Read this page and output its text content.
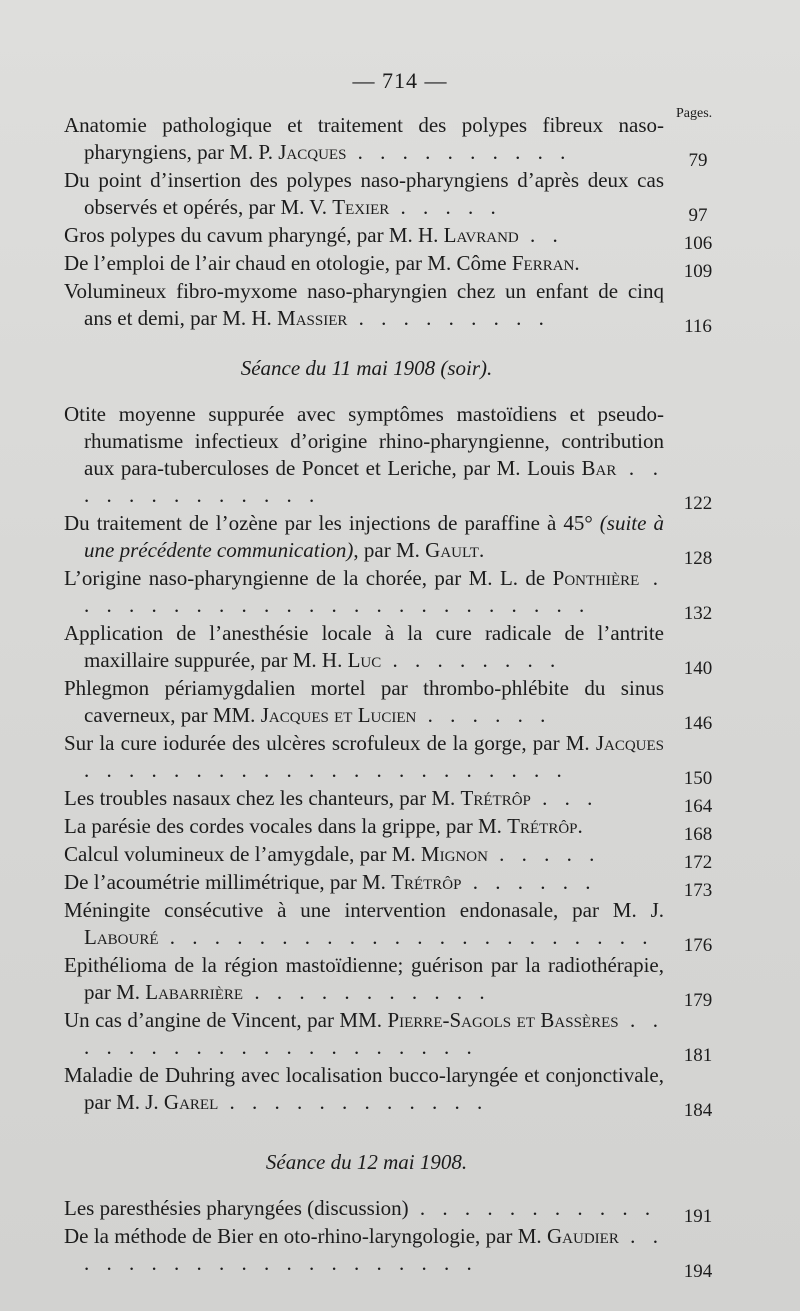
— 714 —
Pages.
Anatomie pathologique et traitement des polypes fibreux naso-pharyngiens, par M. P. Jacques . . . . . . . . . .	79
Du point d’insertion des polypes naso-pharyngiens d’après deux cas observés et opérés, par M. V. Texier . . . . .	97
Gros polypes du cavum pharyngé, par M. H. Lavrand . .	106
De l’emploi de l’air chaud en otologie, par M. Côme Ferran.	109
Volumineux fibro-myxome naso-pharyngien chez un enfant de cinq ans et demi, par M. H. Massier . . . . . . . . .	116
Séance du 11 mai 1908 (soir).
Otite moyenne suppurée avec symptômes mastoïdiens et pseudo-rhumatisme infectieux d’origine rhino-pharyngienne, contribution aux para-tuberculoses de Poncet et Leriche, par M. Louis Bar . . . . . . . . . . . . .	122
Du traitement de l’ozène par les injections de paraffine à 45° (suite à une précédente communication), par M. Gault.	128
L’origine naso-pharyngienne de la chorée, par M. L. de Ponthière . . . . . . . . . . . . . . . . . . . . . . . .	132
Application de l’anesthésie locale à la cure radicale de l’antrite maxillaire suppurée, par M. H. Luc . . . . . . . .	140
Phlegmon périamygdalien mortel par thrombo-phlébite du sinus caverneux, par MM. Jacques et Lucien . . . . . .	146
Sur la cure iodurée des ulcères scrofuleux de la gorge, par M. Jacques . . . . . . . . . . . . . . . . . . . . . .	150
Les troubles nasaux chez les chanteurs, par M. Trétrôp . . .	164
La parésie des cordes vocales dans la grippe, par M. Trétrôp.	168
Calcul volumineux de l’amygdale, par M. Mignon . . . . .	172
De l’acoumétrie millimétrique, par M. Trétrôp . . . . . .	173
Méningite consécutive à une intervention endonasale, par M. J. Labouré . . . . . . . . . . . . . . . . . . . . . .	176
Epithélioma de la région mastoïdienne; guérison par la radiothérapie, par M. Labarrière . . . . . . . . . . .	179
Un cas d’angine de Vincent, par MM. Pierre-Sagols et Bassères . . . . . . . . . . . . . . . . . . . .	181
Maladie de Duhring avec localisation bucco-laryngée et conjonctivale, par M. J. Garel . . . . . . . . . . . .	184
Séance du 12 mai 1908.
Les paresthésies pharyngées (discussion) . . . . . . . . . . .	191
De la méthode de Bier en oto-rhino-laryngologie, par M. Gaudier . . . . . . . . . . . . . . . . . . . .	194
